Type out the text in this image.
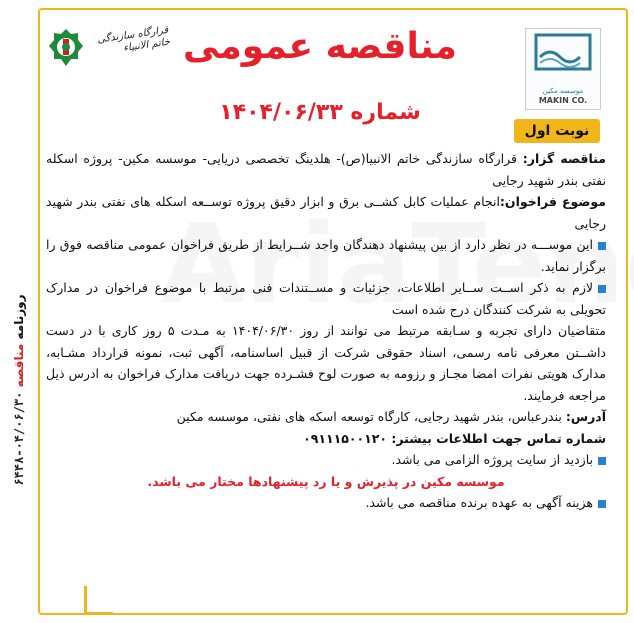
روزنامه مناقصه ۰۴/۰۶/۳۰-۶۴۴۸
قرارگاه سازندگی خاتم الانبیاء مناقصه عمومی
موسسه مکین
MAKIN CO.
شماره ۱۴۰۴/۰۶/۳۳
نوبت اول

مناقصه گزار: قرارگاه سازندگی خاتم الانبیا(ص)- هلدینگ تخصصی دریایی- موسسه مکین- پروژه اسکله نفتی بندر شهید رجایی

موضوع فراخوان:انجام عملیات کابل کشــی برق و ابزار دقیق پروژه توســعه اسکله های نفتی بندر شهید رجایی

این موســـه در نظر دارد از بین پیشنهاد دهندگان واجد شــرایط از طریق فراخوان عمومی مناقصه فوق را برگزار نماید.

لازم به ذکر اســت ســایر اطلاعات، جزئیات و مســتندات فنی مرتبط با موضوع فراخوان در مدارک تحویلی به شرکت کنندگان درج شده است

متقاضیان دارای تجربه و سـابقه مرتبط می توانند از روز ۱۴۰۴/۰۶/۳۰ به مـدت ۵ روز کاری با در دست داشــتن معرفی نامه رسمی، اسناد حقوقی شرکت از قبیل اساسنامه، آگهی ثبت، نمونه قرارداد مشـابه، مدارک هویتی نفرات امضا مجـاز و رزومه به صورت لوح فشـرده جهت دریافت مدارک فراخوان به ادرس ذیل مراجعه فرمایند.

آدرس: بندرعباس، بندر شهید رجایی، کارگاه توسعه اسکه های نفتی، موسسه مکین

شماره تماس جهت اطلاعات بیشتر: ۰۹۱۱۱۵۰۰۱۲۰

بازدید از سایت پروژه الزامی می باشد.

موسسه مکین در پذیرش و یا رد پیشنهادها مختار می باشد.

هزینه آگهی به عهده برنده مناقصه می باشد.
